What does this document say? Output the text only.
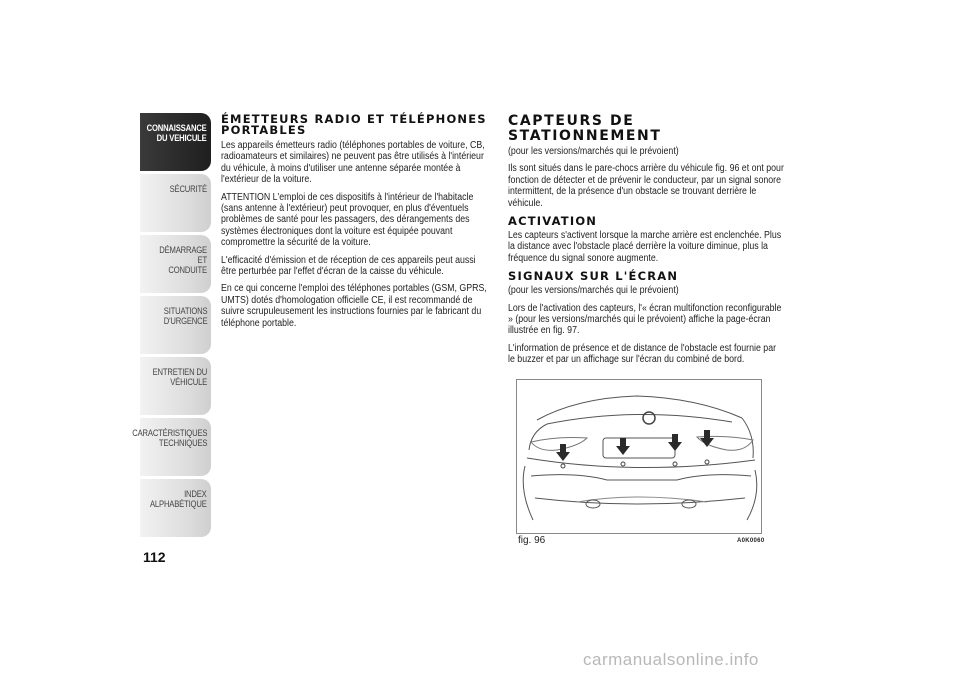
CONNAISSANCE
DU VEHICULE
SÉCURITÉ
DÉMARRAGE ET
CONDUITE
SITUATIONS
D'URGENCE
ENTRETIEN DU
VÉHICULE
CARACTÉRISTIQUES
TECHNIQUES
INDEX
ALPHABÉTIQUE
112
ÉMETTEURS RADIO ET TÉLÉPHONES PORTABLES

Les appareils émetteurs radio (téléphones portables de voiture, CB, radioamateurs et similaires) ne peuvent pas être utilisés à l'intérieur du véhicule, à moins d'utiliser une antenne séparée montée à l'extérieur de la voiture.

ATTENTION L'emploi de ces dispositifs à l'intérieur de l'habitacle (sans antenne à l'extérieur) peut provoquer, en plus d'éventuels problèmes de santé pour les passagers, des dérangements des systèmes électroniques dont la voiture est équipée pouvant compromettre la sécurité de la voiture.

L'efficacité d'émission et de réception de ces appareils peut aussi être perturbée par l'effet d'écran de la caisse du véhicule.

En ce qui concerne l'emploi des téléphones portables (GSM, GPRS, UMTS) dotés d'homologation officielle CE, il est recommandé de suivre scrupuleusement les instructions fournies par le fabricant du téléphone portable.

CAPTEURS DE STATIONNEMENT

(pour les versions/marchés qui le prévoient)

Ils sont situés dans le pare-chocs arrière du véhicule fig. 96 et ont pour fonction de détecter et de prévenir le conducteur, par un signal sonore intermittent, de la présence d'un obstacle se trouvant derrière le véhicule.

ACTIVATION

Les capteurs s'activent lorsque la marche arrière est enclenchée. Plus la distance avec l'obstacle placé derrière la voiture diminue, plus la fréquence du signal sonore augmente.

SIGNAUX SUR L'ÉCRAN

(pour les versions/marchés qui le prévoient)

Lors de l'activation des capteurs, l'« écran multifonction reconfigurable » (pour les versions/marchés qui le prévoient) affiche la page-écran illustrée en fig. 97.

L'information de présence et de distance de l'obstacle est fournie par le buzzer et par un affichage sur l'écran du combiné de bord.

fig. 96	A0K0060
carmanualsonline.info
